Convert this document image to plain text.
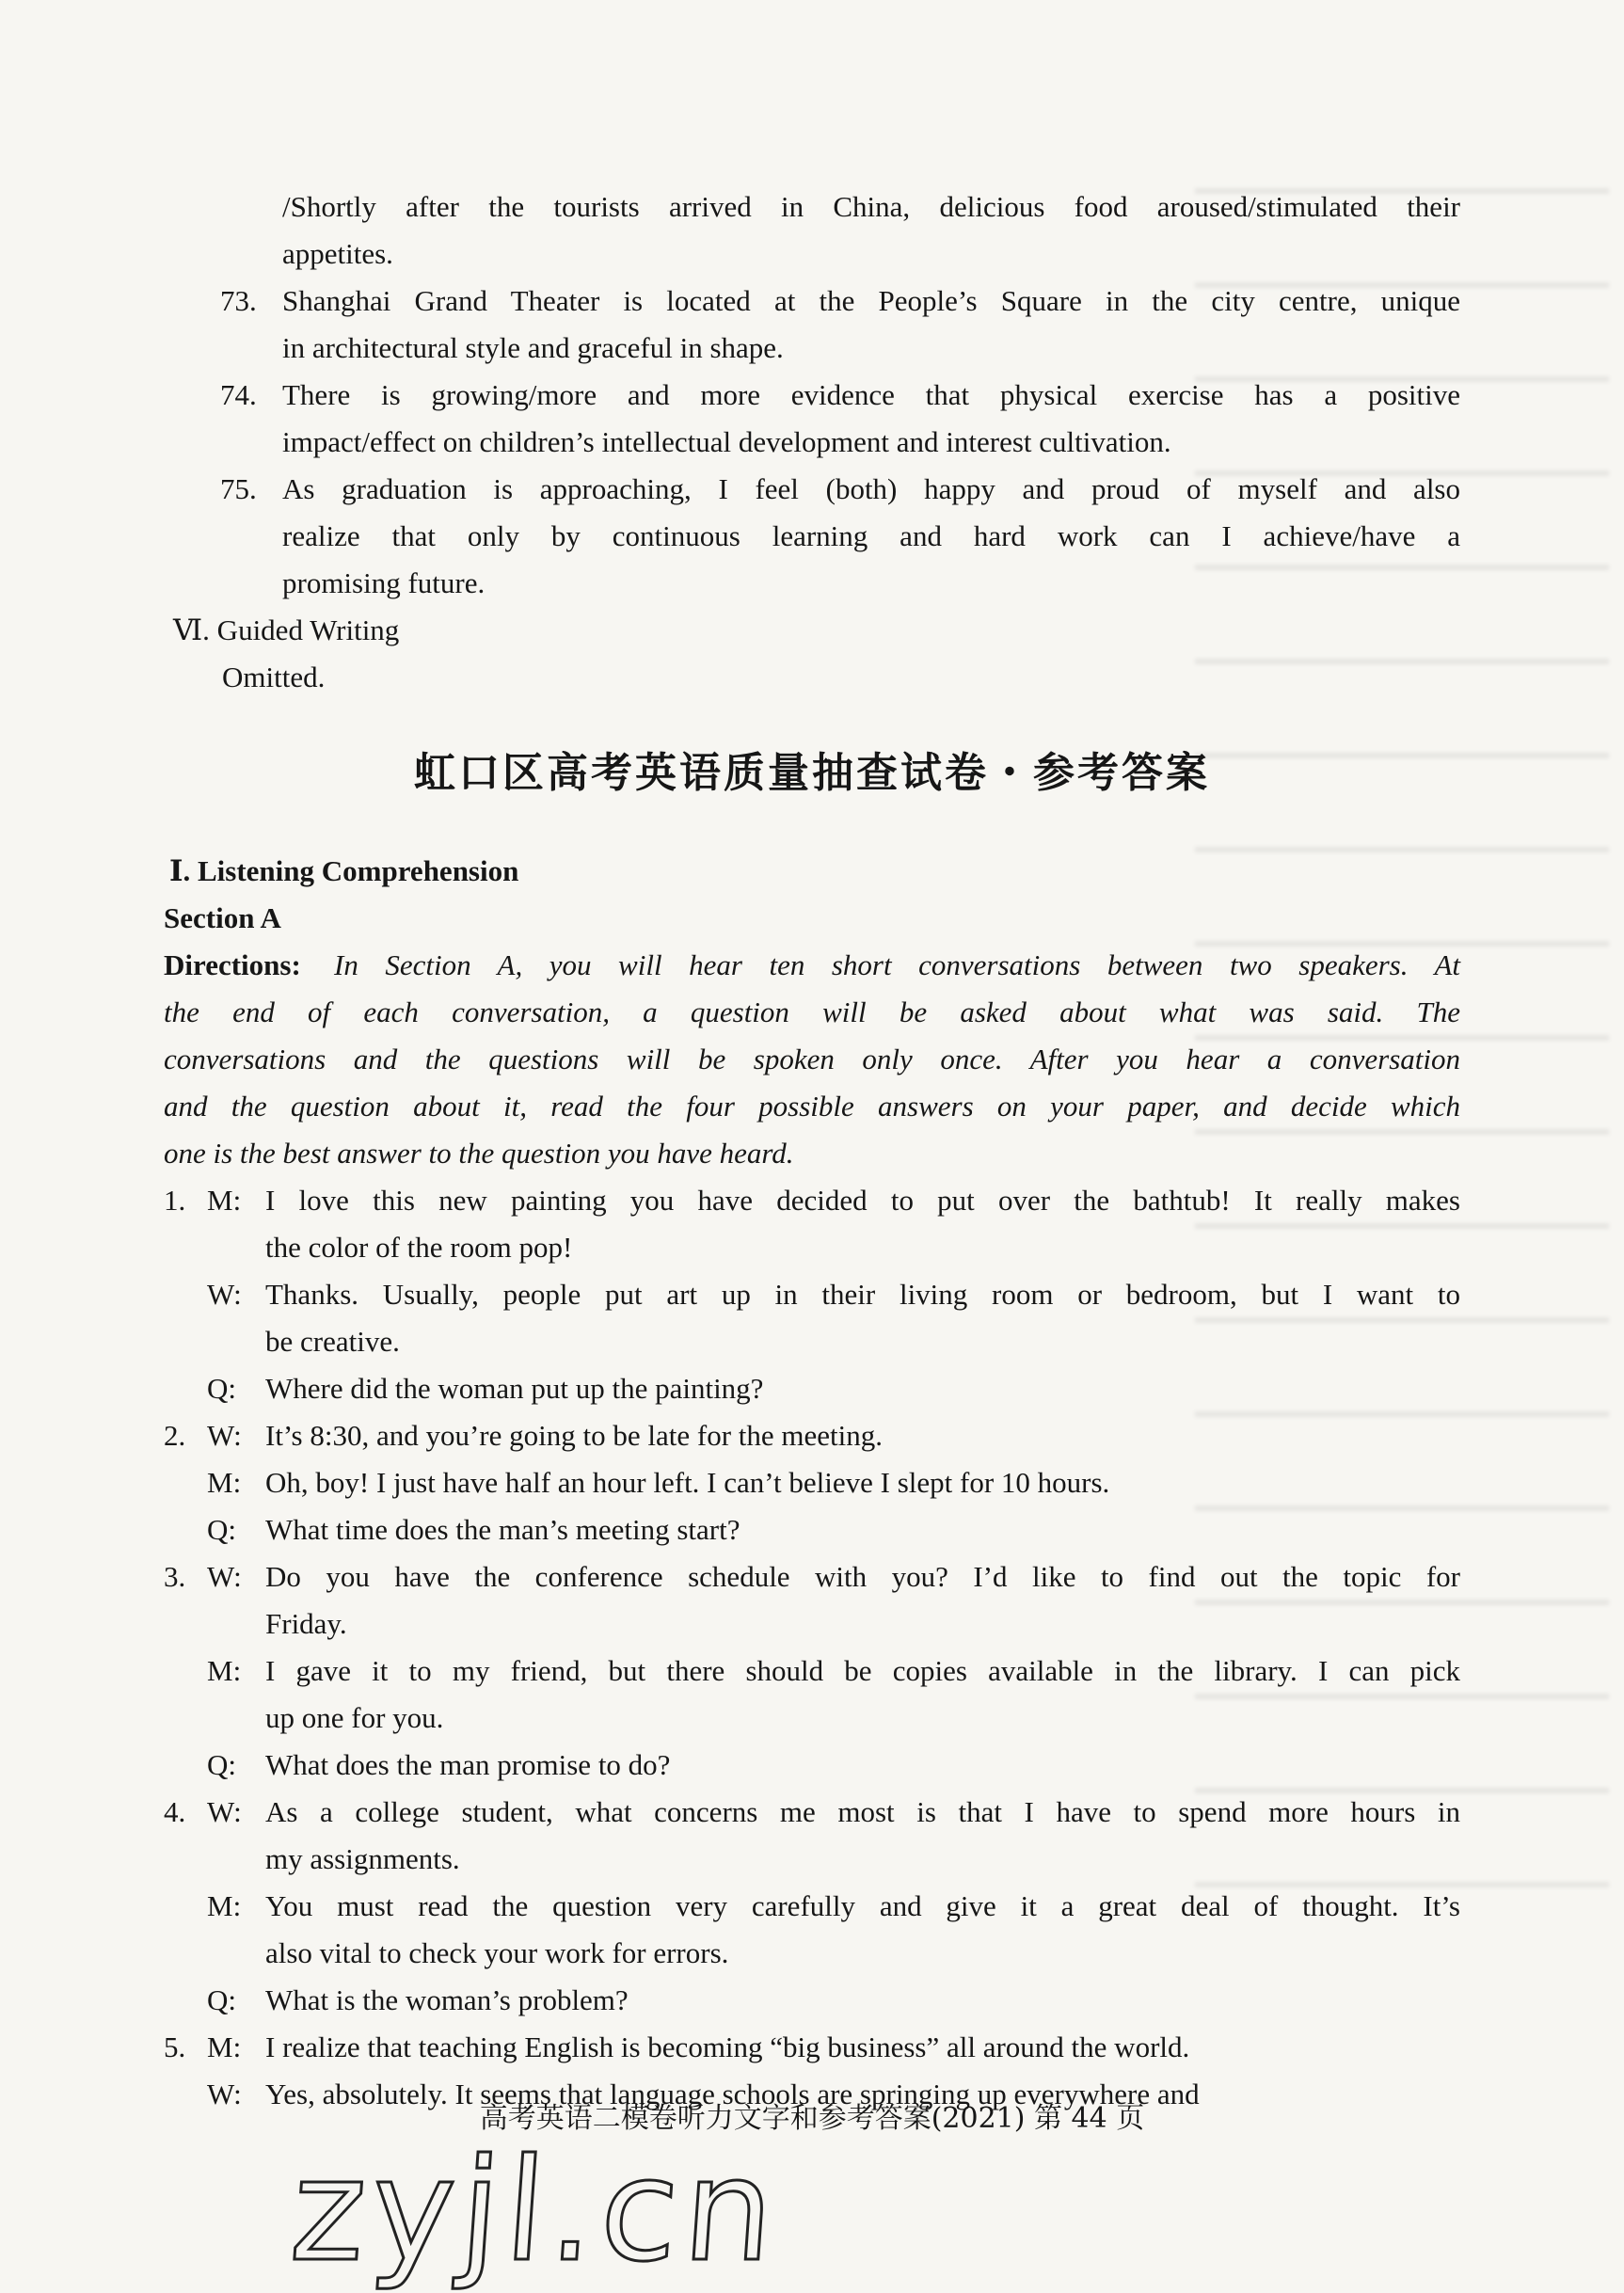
/Shortly after the tourists arrived in China, delicious food aroused/stimulated their
appetites.
73. Shanghai Grand Theater is located at the People’s Square in the city centre, unique
in architectural style and graceful in shape.
74. There is growing/more and more evidence that physical exercise has a positive
impact/effect on children’s intellectual development and interest cultivation.
75. As graduation is approaching, I feel (both) happy and proud of myself and also
realize that only by continuous learning and hard work can I achieve/have a
promising future.
Ⅵ. Guided Writing
Omitted.
虹口区高考英语质量抽查试卷・参考答案
Ⅰ. Listening Comprehension
Section A
Directions: In Section A, you will hear ten short conversations between two speakers. At
the end of each conversation, a question will be asked about what was said. The
conversations and the questions will be spoken only once. After you hear a conversation
and the question about it, read the four possible answers on your paper, and decide which
one is the best answer to the question you have heard.
1. M: I love this new painting you have decided to put over the bathtub! It really makes
the color of the room pop!
W: Thanks. Usually, people put art up in their living room or bedroom, but I want to
be creative.
Q: Where did the woman put up the painting?
2. W: It’s 8:30, and you’re going to be late for the meeting.
M: Oh, boy! I just have half an hour left. I can’t believe I slept for 10 hours.
Q: What time does the man’s meeting start?
3. W: Do you have the conference schedule with you? I’d like to find out the topic for
Friday.
M: I gave it to my friend, but there should be copies available in the library. I can pick
up one for you.
Q: What does the man promise to do?
4. W: As a college student, what concerns me most is that I have to spend more hours in
my assignments.
M: You must read the question very carefully and give it a great deal of thought. It’s
also vital to check your work for errors.
Q: What is the woman’s problem?
5. M: I realize that teaching English is becoming “big business” all around the world.
W: Yes, absolutely. It seems that language schools are springing up everywhere and
高考英语二模卷听力文字和参考答案(2021) 第 44 页
zyjl.cn
